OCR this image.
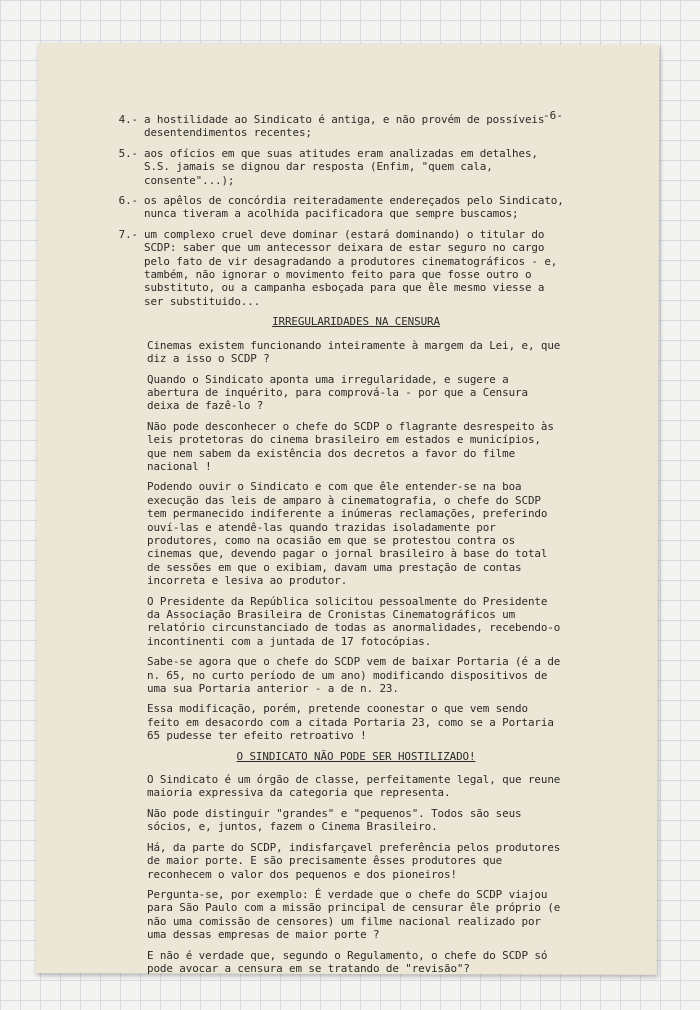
-6-
4.- a hostilidade ao Sindicato é antiga, e não provém de possíveis desentendimentos recentes;
5.- aos ofícios em que suas atitudes eram analizadas em detalhes, S.S. jamais se dignou dar resposta (Enfim, "quem cala, consente"...);
6.- os apêlos de concórdia reiteradamente endereçados pelo Sindicato, nunca tiveram a acolhida pacificadora que sempre buscamos;
7.- um complexo cruel deve dominar (estará dominando) o titular do SCDP: saber que um antecessor deixara de estar seguro no cargo pelo fato de vir desagradando a produtores cinematográficos - e, também, não ignorar o movimento feito para que fosse outro o substituto, ou a campanha esboçada para que êle mesmo viesse a ser substituido...
IRREGULARIDADES NA CENSURA

Cinemas existem funcionando inteiramente à margem da Lei, e, que diz a isso o SCDP ?

Quando o Sindicato aponta uma irregularidade, e sugere a abertura de inquérito, para comprová-la - por que a Censura deixa de fazê-lo ?

Não pode desconhecer o chefe do SCDP o flagrante desrespeito às leis protetoras do cinema brasileiro em estados e municípios, que nem sabem da existência dos decretos a favor do filme nacional !

Podendo ouvir o Sindicato e com que êle entender-se na boa execução das leis de amparo à cinematografia, o chefe do SCDP tem permanecido indiferente a inúmeras reclamações, preferindo ouví-las e atendê-las quando trazidas isoladamente por produtores, como na ocasião em que se protestou contra os cinemas que, devendo pagar o jornal brasileiro à base do total de sessões em que o exibiam, davam uma prestação de contas incorreta e lesiva ao produtor.

O Presidente da República solicitou pessoalmente do Presidente da Associação Brasileira de Cronistas Cinematográficos um relatório circunstanciado de todas as anormalidades, recebendo-o incontinenti com a juntada de 17 fotocópias.

Sabe-se agora que o chefe do SCDP vem de baixar Portaria (é a de n. 65, no curto período de um ano) modificando dispositivos de uma sua Portaria anterior - a de n. 23.

Essa modificação, porém, pretende coonestar o que vem sendo feito em desacordo com a citada Portaria 23, como se a Portaria 65 pudesse ter efeito retroativo !

O SINDICATO NÃO PODE SER HOSTILIZADO!

O Sindicato é um órgão de classe, perfeitamente legal, que reune maioria expressiva da categoria que representa.

Não pode distinguir "grandes" e "pequenos". Todos são seus sócios, e, juntos, fazem o Cinema Brasileiro.

Há, da parte do SCDP, indisfarçavel preferência pelos produtores de maior porte. E são precisamente êsses produtores que reconhecem o valor dos pequenos e dos pioneiros!

Pergunta-se, por exemplo: É verdade que o chefe do SCDP viajou para São Paulo com a missão principal de censurar êle próprio (e não uma comissão de censores) um filme nacional realizado por uma dessas empresas de maior porte ?

E não é verdade que, segundo o Regulamento, o chefe do SCDP só pode avocar a censura em se tratando de "revisão"?
